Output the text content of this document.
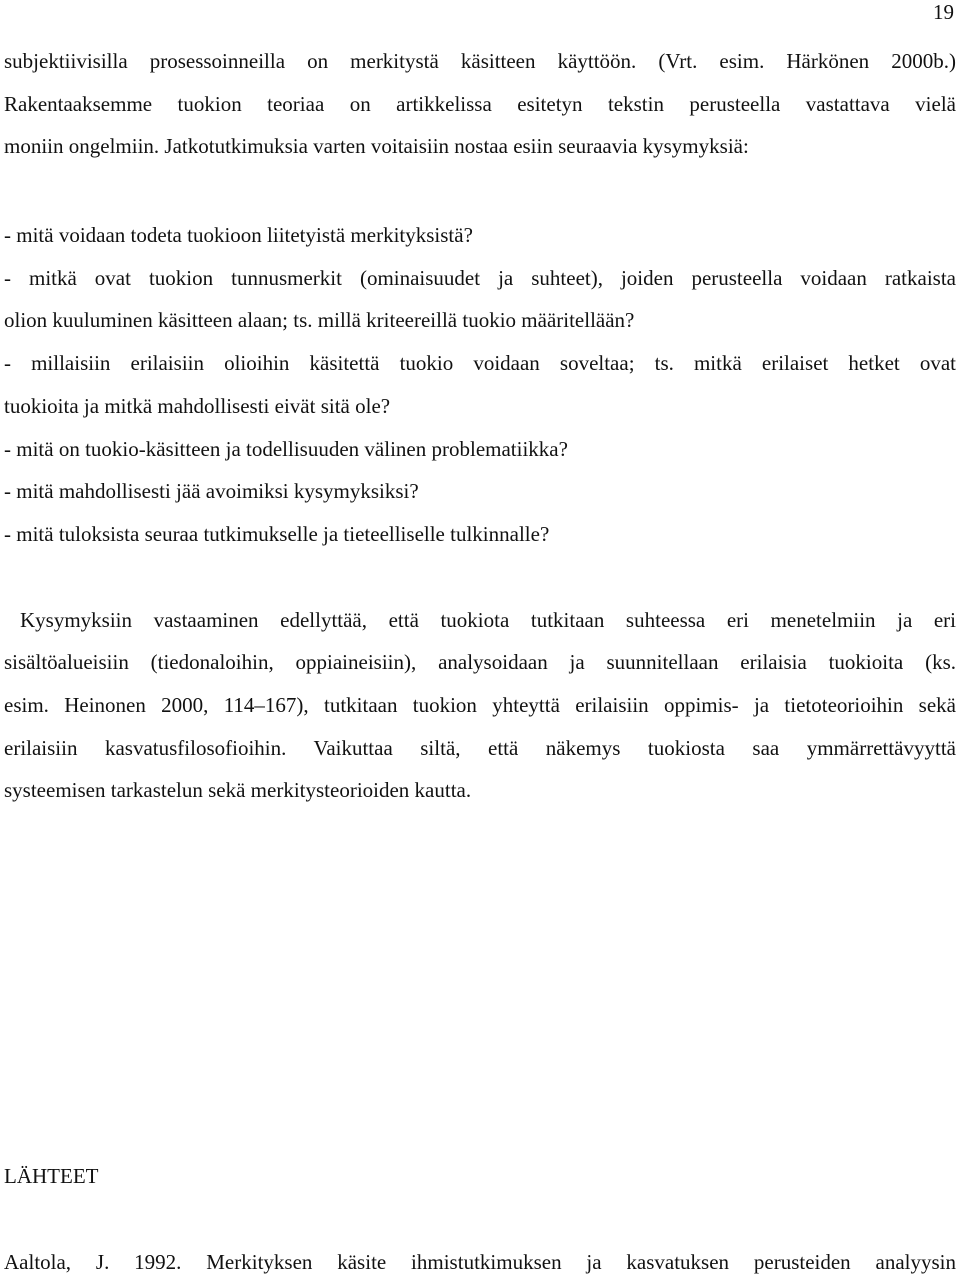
19
subjektiivisilla prosessoinneilla on merkitystä käsitteen käyttöön. (Vrt. esim. Härkönen 2000b.)
Rakentaaksemme tuokion teoriaa on artikkelissa esitetyn tekstin perusteella vastattava vielä
moniin ongelmiin. Jatkotutkimuksia varten voitaisiin nostaa esiin seuraavia kysymyksiä:
- mitä voidaan todeta tuokioon liitetyistä merkityksistä?
- mitkä ovat tuokion tunnusmerkit (ominaisuudet ja suhteet), joiden perusteella voidaan ratkaista
olion kuuluminen käsitteen alaan; ts. millä kriteereillä tuokio määritellään?
- millaisiin erilaisiin olioihin käsitettä tuokio voidaan soveltaa; ts. mitkä erilaiset hetket ovat
tuokioita ja mitkä mahdollisesti eivät sitä ole?
- mitä on tuokio-käsitteen ja todellisuuden välinen problematiikka?
- mitä mahdollisesti jää avoimiksi kysymyksiksi?
- mitä tuloksista seuraa tutkimukselle ja tieteelliselle tulkinnalle?
Kysymyksiin vastaaminen edellyttää, että tuokiota tutkitaan suhteessa eri menetelmiin ja eri
sisältöalueisiin (tiedonaloihin, oppiaineisiin), analysoidaan ja suunnitellaan erilaisia tuokioita (ks.
esim. Heinonen 2000, 114–167), tutkitaan tuokion yhteyttä erilaisiin oppimis- ja tietoteorioihin sekä
erilaisiin kasvatusfilosofioihin. Vaikuttaa siltä, että näkemys tuokiosta saa ymmärrettävyyttä
systeemisen tarkastelun sekä merkitysteorioiden kautta.
LÄHTEET
Aaltola, J. 1992. Merkityksen käsite ihmistutkimuksen ja kasvatuksen perusteiden analyysin
